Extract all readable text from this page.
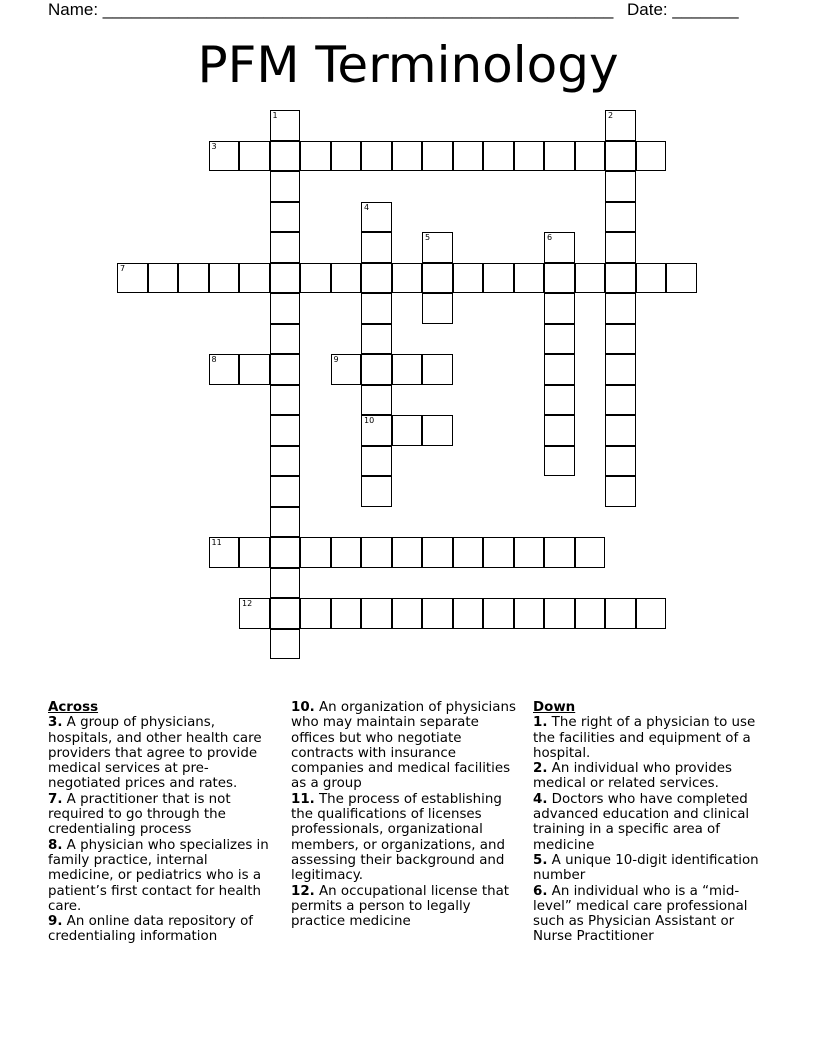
Name: ______________________________________________________ Date: _______
PFM Terminology
3
7
8	9
10
11
12
1	2
4
5	6
Across
3. A group of physicians, hospitals, and other health care providers that agree to provide medical services at pre-negotiated prices and rates.
7. A practitioner that is not required to go through the credentialing process
8. A physician who specializes in family practice, internal medicine, or pediatrics who is a patient’s first contact for health care.
9. An online data repository of credentialing information
10. An organization of physicians who may maintain separate offices but who negotiate contracts with insurance companies and medical facilities as a group
11. The process of establishing the qualifications of licenses professionals, organizational members, or organizations, and assessing their background and legitimacy.
12. An occupational license that permits a person to legally practice medicine
Down
1. The right of a physician to use the facilities and equipment of a hospital.
2. An individual who provides medical or related services.
4. Doctors who have completed advanced education and clinical training in a specific area of medicine
5. A unique 10-digit identification number
6. An individual who is a “mid-level” medical care professional such as Physician Assistant or Nurse Practitioner
